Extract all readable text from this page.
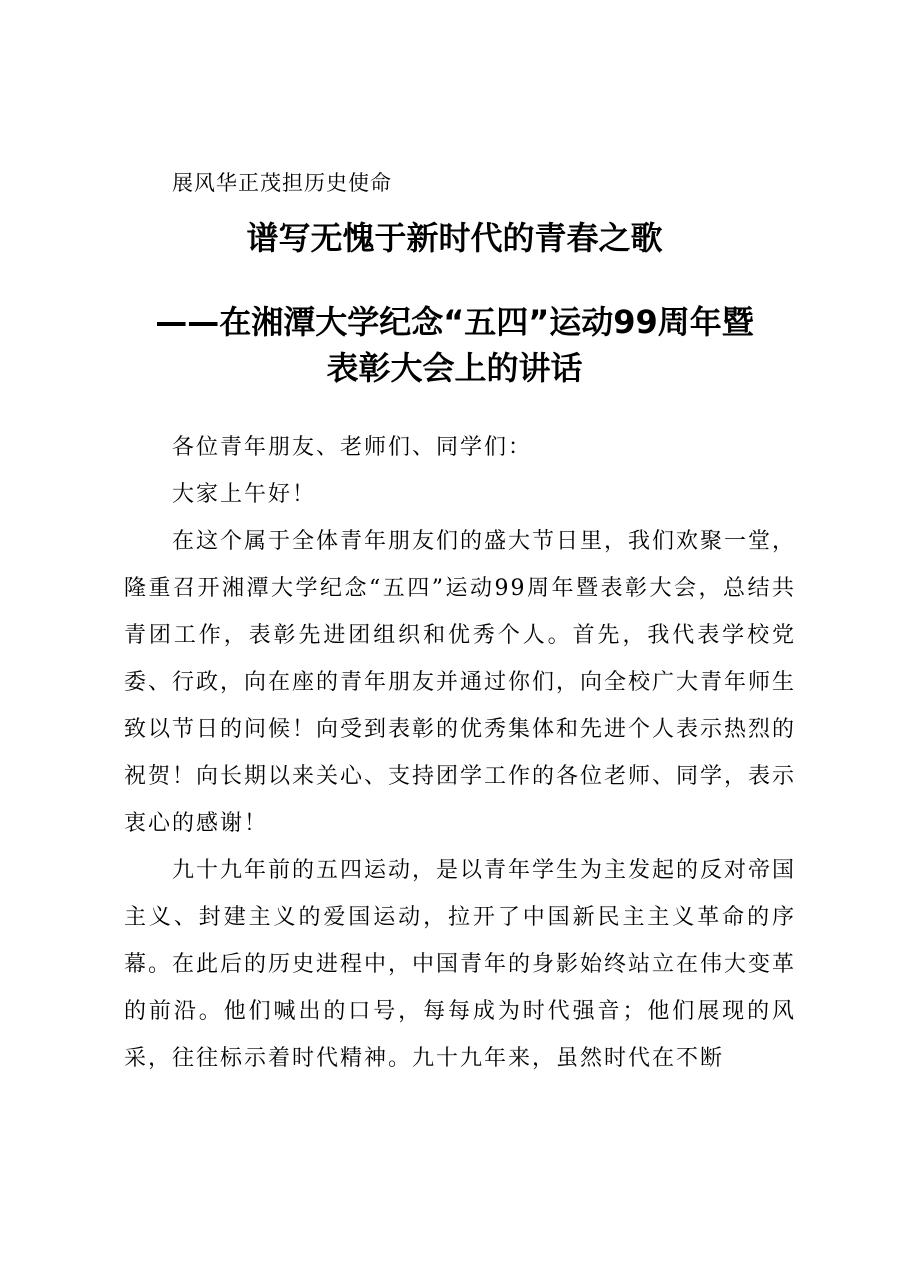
展风华正茂担历史使命
谱写无愧于新时代的青春之歌
——在湘潭大学纪念“五四”运动99周年暨
表彰大会上的讲话

各位青年朋友、老师们、同学们：

大家上午好！

在这个属于全体青年朋友们的盛大节日里，我们欢聚一堂，隆重召开湘潭大学纪念“五四”运动99周年暨表彰大会，总结共青团工作，表彰先进团组织和优秀个人。首先，我代表学校党委、行政，向在座的青年朋友并通过你们，向全校广大青年师生致以节日的问候！向受到表彰的优秀集体和先进个人表示热烈的祝贺！向长期以来关心、支持团学工作的各位老师、同学，表示衷心的感谢！

九十九年前的五四运动，是以青年学生为主发起的反对帝国主义、封建主义的爱国运动，拉开了中国新民主主义革命的序幕。在此后的历史进程中，中国青年的身影始终站立在伟大变革的前沿。他们喊出的口号，每每成为时代强音；他们展现的风采，往往标示着时代精神。九十九年来，虽然时代在不断
